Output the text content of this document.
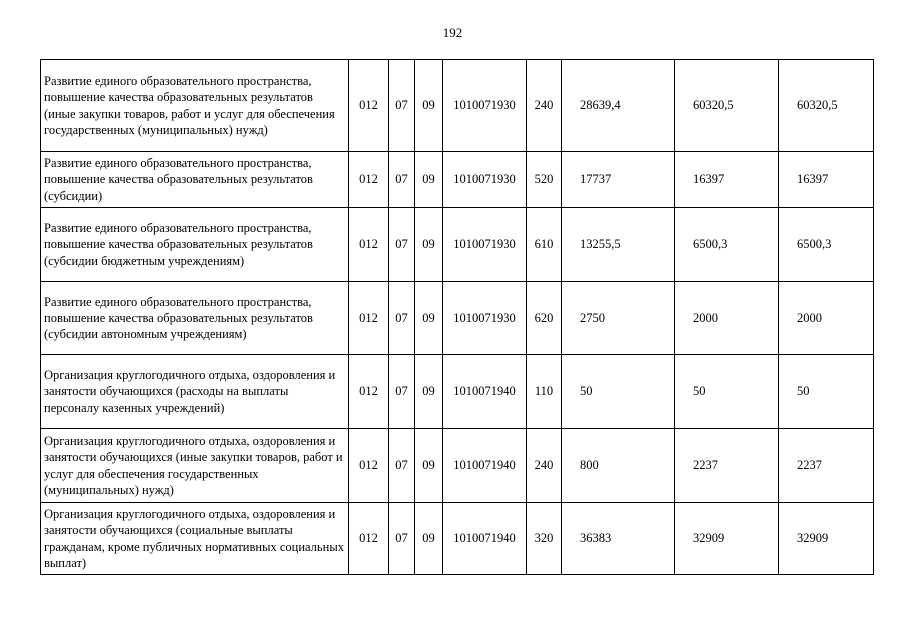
192
Развитие единого образовательного пространства, повышение качества образовательных результатов (иные закупки товаров, работ и услуг для обеспечения государственных (муниципальных) нужд)	012	07	09	1010071930	240	28639,4	60320,5	60320,5
Развитие единого образовательного пространства, повышение качества образовательных результатов (субсидии)	012	07	09	1010071930	520	17737	16397	16397
Развитие единого образовательного пространства, повышение качества образовательных результатов (субсидии бюджетным учреждениям)	012	07	09	1010071930	610	13255,5	6500,3	6500,3
Развитие единого образовательного пространства, повышение качества образовательных результатов (субсидии автономным учреждениям)	012	07	09	1010071930	620	2750	2000	2000
Организация круглогодичного отдыха, оздоровления и занятости обучающихся (расходы на выплаты персоналу казенных учреждений)	012	07	09	1010071940	110	50	50	50
Организация круглогодичного отдыха, оздоровления и занятости обучающихся (иные закупки товаров, работ и услуг для обеспечения государственных (муниципальных) нужд)	012	07	09	1010071940	240	800	2237	2237
Организация круглогодичного отдыха, оздоровления и занятости обучающихся (социальные выплаты гражданам, кроме публичных нормативных социальных выплат)	012	07	09	1010071940	320	36383	32909	32909
